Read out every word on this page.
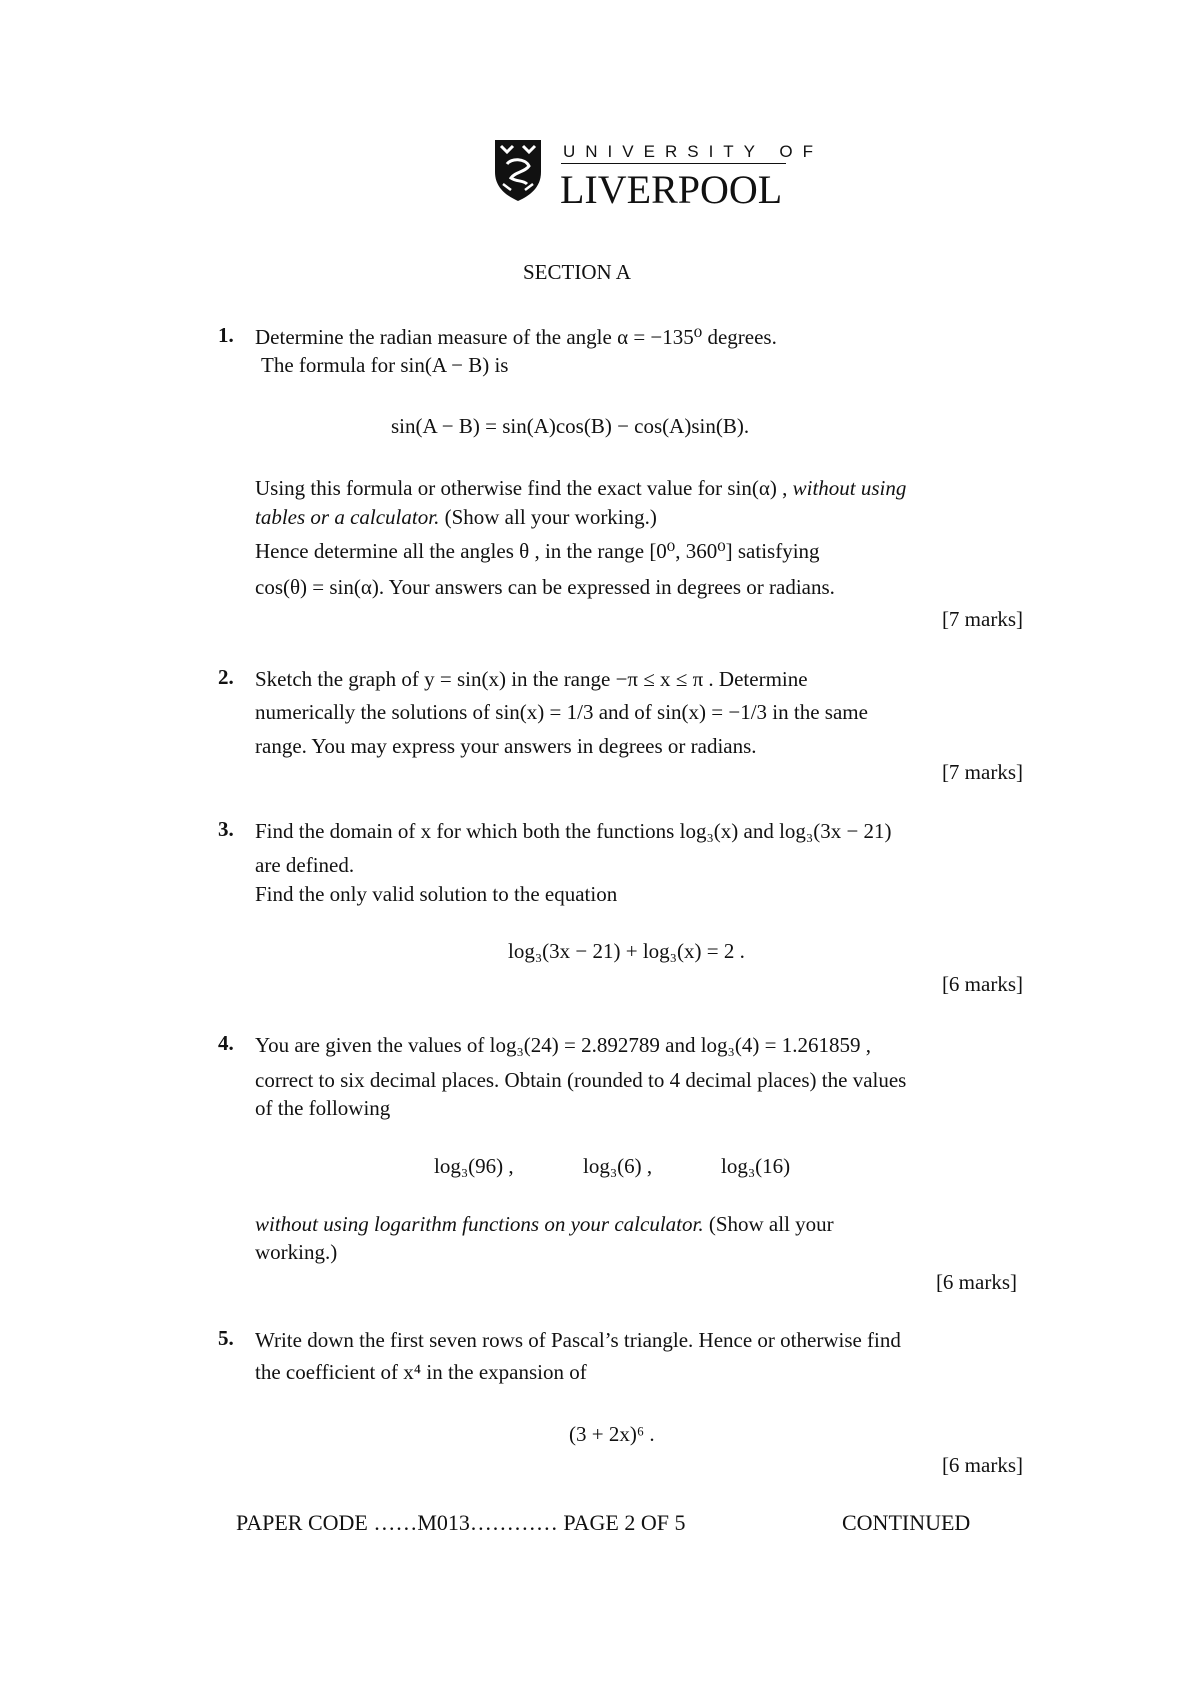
UNIVERSITY OF
LIVERPOOL
SECTION A
1. Determine the radian measure of the angle α = −135⁰ degrees.
The formula for sin(A − B) is
sin(A − B) = sin(A)cos(B) − cos(A)sin(B).
Using this formula or otherwise find the exact value for sin(α) , without using
tables or a calculator. (Show all your working.)
Hence determine all the angles θ , in the range [0⁰, 360⁰] satisfying
cos(θ) = sin(α). Your answers can be expressed in degrees or radians.
[7 marks]
2. Sketch the graph of y = sin(x) in the range −π ≤ x ≤ π . Determine
numerically the solutions of sin(x) = 1/3 and of sin(x) = −1/3 in the same
range. You may express your answers in degrees or radians.
[7 marks]
3. Find the domain of x for which both the functions log₃(x) and log₃(3x − 21)
are defined.
Find the only valid solution to the equation
log₃(3x − 21) + log₃(x) = 2 .
[6 marks]
4. You are given the values of log₃(24) = 2.892789 and log₃(4) = 1.261859 ,
correct to six decimal places. Obtain (rounded to 4 decimal places) the values
of the following
log₃(96) ,	log₃(6) ,	log₃(16)
without using logarithm functions on your calculator. (Show all your
working.)
[6 marks]
5. Write down the first seven rows of Pascal’s triangle. Hence or otherwise find
the coefficient of x⁴ in the expansion of
(3 + 2x)⁶ .
[6 marks]
PAPER CODE ……M013………… PAGE 2 OF 5	CONTINUED
